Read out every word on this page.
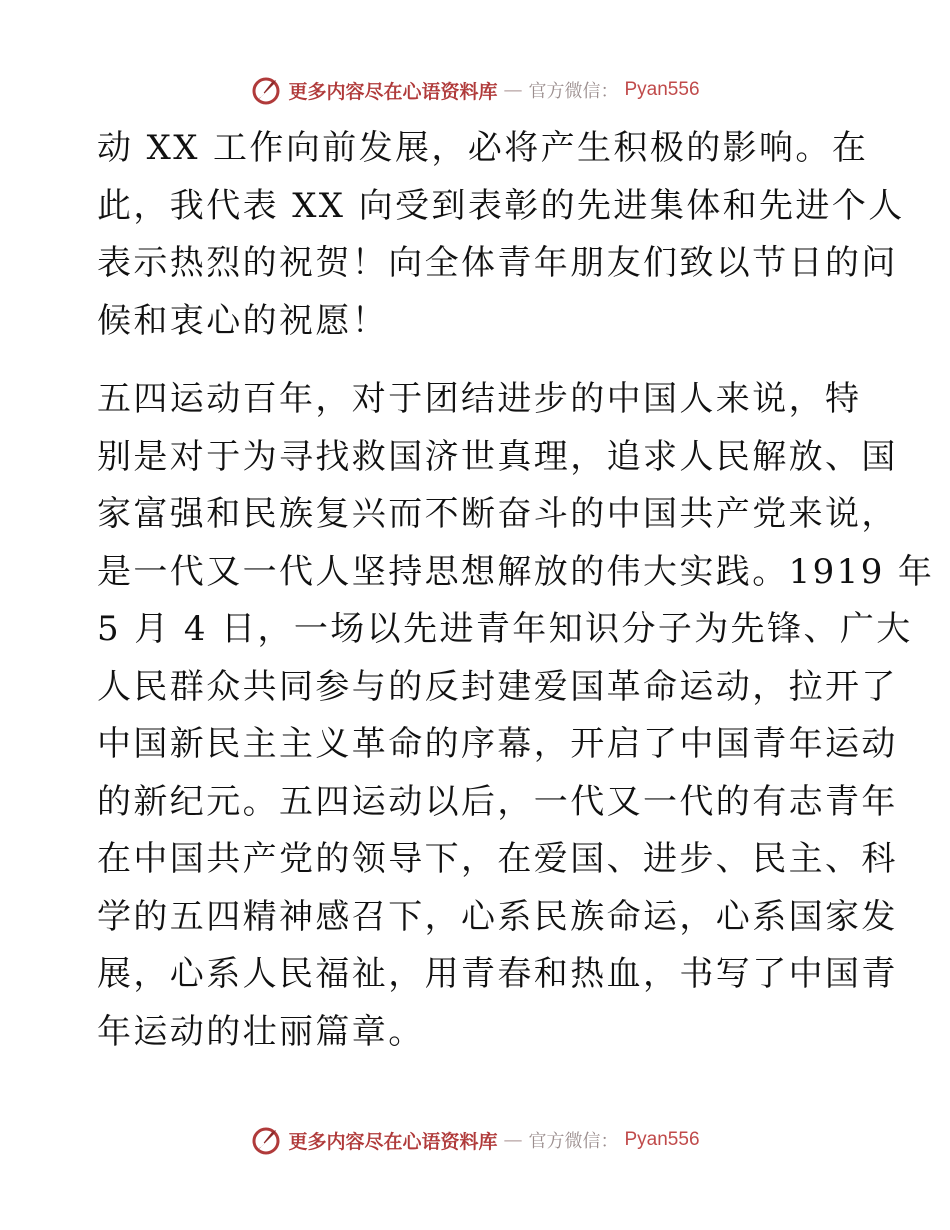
更多内容尽在心语资料库 — 官方微信： Pyan556

动 XX 工作向前发展，必将产生积极的影响。在
此，我代表 XX 向受到表彰的先进集体和先进个人
表示热烈的祝贺！向全体青年朋友们致以节日的问
候和衷心的祝愿！

五四运动百年，对于团结进步的中国人来说，特
别是对于为寻找救国济世真理，追求人民解放、国
家富强和民族复兴而不断奋斗的中国共产党来说，
是一代又一代人坚持思想解放的伟大实践。1919 年
5 月 4 日，一场以先进青年知识分子为先锋、广大
人民群众共同参与的反封建爱国革命运动，拉开了
中国新民主主义革命的序幕，开启了中国青年运动
的新纪元。五四运动以后，一代又一代的有志青年
在中国共产党的领导下，在爱国、进步、民主、科
学的五四精神感召下，心系民族命运，心系国家发
展，心系人民福祉，用青春和热血，书写了中国青
年运动的壮丽篇章。

更多内容尽在心语资料库 — 官方微信： Pyan556
